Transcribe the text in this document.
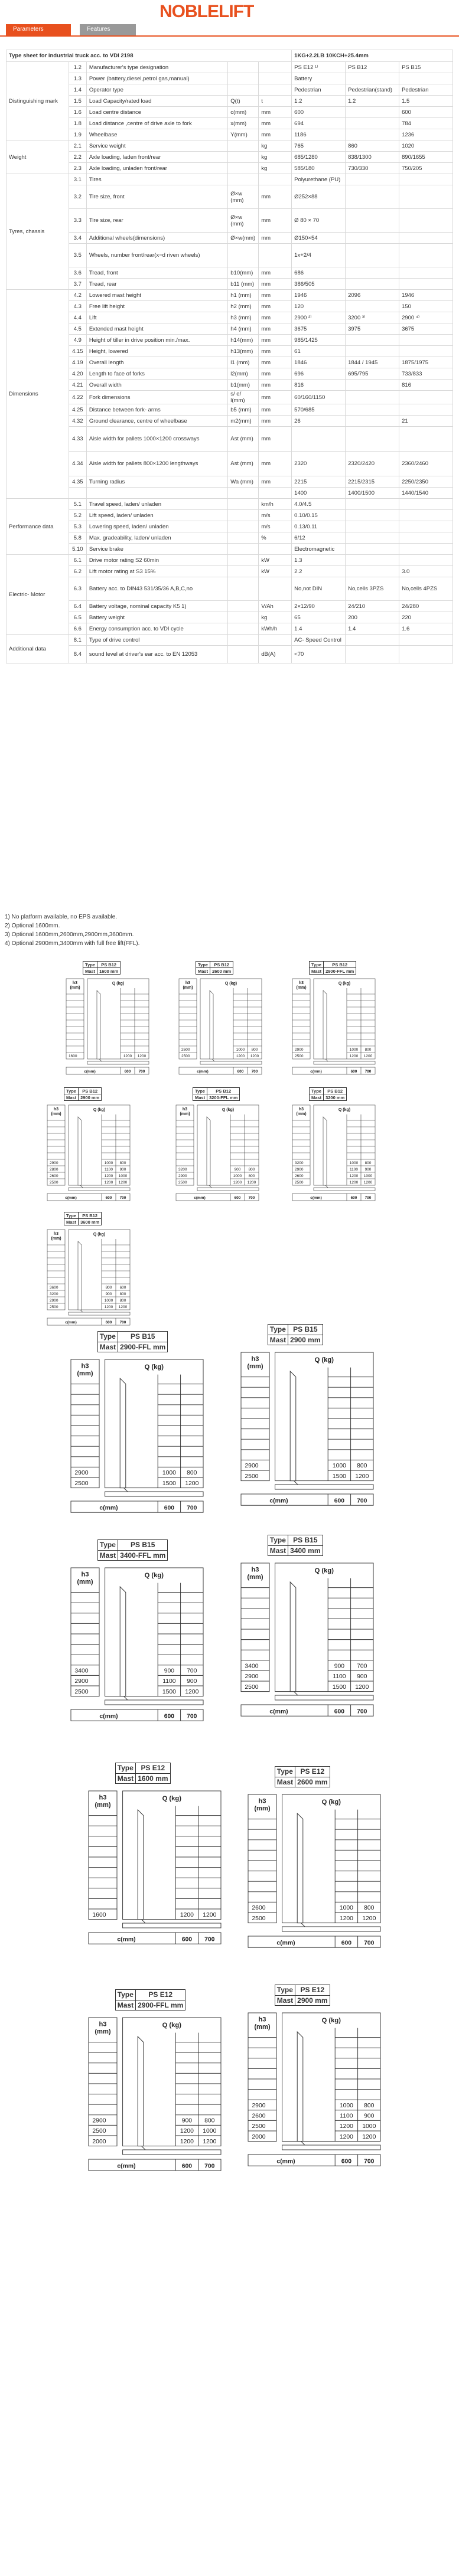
NOBLELIFT
Parameters	Features
Type sheet for industrial truck acc. to VDI 2198					1KG+2.2LB 10KCH+25.4mm		
Distinguishing mark	1.2	Manufacturer's type designation			PS E12 ¹⁾	PS B12	PS B15
	1.3	Power (battery,diesel,petrol gas,manual)			Battery		
	1.4	Operator type			Pedestrian	Pedestrian(stand)	Pedestrian
	1.5	Load Capacity/rated load	Q(t)	t	1.2	1.2	1.5
	1.6	Load centre distance	c(mm)	mm	600		600
	1.8	Load distance ,centre of drive axle to fork	x(mm)	mm	694		784
	1.9	Wheelbase	Y(mm)	mm	1186		1236
Weight	2.1	Service weight		kg	765	860	1020
	2.2	Axle loading, laden front/rear		kg	685/1280	838/1300	890/1655
	2.3	Axle loading, unladen front/rear		kg	585/180	730/330	750/205
Tyres, chassis	3.1	Tires			Polyurethane (PU)		
	3.2	Tire size, front	Ø×w (mm)	mm	Ø252×88		
	3.3	Tire size, rear	Ø×w (mm)	mm	Ø 80 × 70		
	3.4	Additional wheels(dimensions)	Ø×w(mm)	mm	Ø150×54		
	3.5	Wheels, number front/rear(x=d riven wheels)			1x+2/4		
	3.6	Tread, front	b10(mm)	mm	686		
	3.7	Tread, rear	b11 (mm)	mm	386/505		
Dimensions	4.2	Lowered mast height	h1 (mm)	mm	1946	2096	1946
	4.3	Free lift height	h2 (mm)	mm	120		150
	4.4	Lift	h3 (mm)	mm	2900 ²⁾	3200 ³⁾	2900 ⁴⁾
	4.5	Extended mast height	h4 (mm)	mm	3675	3975	3675
	4.9	Height of tiller in drive position min./max.	h14(mm)	mm	985/1425		
	4.15	Height, lowered	h13(mm)	mm	61		
	4.19	Overall length	l1 (mm)	mm	1846	1844 / 1945	1875/1975
	4.20	Length to face of forks	l2(mm)	mm	696	695/795	733/833
	4.21	Overall width	b1(mm)	mm	816		816
	4.22	Fork dimensions	s/ e/ l(mm)	mm	60/160/1150		
	4.25	Distance between fork- arms	b5 (mm)	mm	570/685		
	4.32	Ground clearance, centre of wheelbase	m2(mm)	mm	26		21
	4.33	Aisle width for pallets 1000×1200 crossways	Ast (mm)	mm			
	4.34	Aisle width for pallets 800×1200 lengthways	Ast (mm)	mm	2320	2320/2420	2360/2460
	4.35	Turning radius	Wa (mm)	mm	2215	2215/2315	2250/2350
					1400	1400/1500	1440/1540
Performance data	5.1	Travel speed, laden/ unladen		km/h	4.0/4.5		
	5.2	Lift speed, laden/ unladen		m/s	0.10/0.15		
	5.3	Lowering speed, laden/ unladen		m/s	0.13/0.11		
	5.8	Max. gradeability, laden/ unladen		%	6/12		
	5.10	Service brake			Electromagnetic		
Electric- Motor	6.1	Drive motor rating S2 60min		kW	1.3		
	6.2	Lift motor rating at S3 15%		kW	2.2		3.0
	6.3	Battery acc. to DIN43 531/35/36 A,B,C,no			No,not DIN	No,cells 3PZS	No,cells 4PZS
	6.4	Battery voltage, nominal capacity K5 1)		V/Ah	2×12/90	24/210	24/280
	6.5	Battery weight		kg	65	200	220
	6.6	Energy consumption acc. to VDI cycle		kWh/h	1.4	1.4	1.6
Additional data	8.1	Type of drive control			AC- Speed Control		
	8.4	sound level at driver's ear acc. to EN 12053		dB(A)	<70		
1) No platform available, no EPS available.
2) Optional 1600mm.
3) Optional 1600mm,2600mm,2900mm,3600mm.
4) Optional 2900mm,3400mm with full free lift(FFL).
Type	PS B12
Mast	1600 mm
h3
(mm)
Q (kg)
1600	1200 1200
c(mm)	600 700
Type	PS B12
Mast	2600 mm
h3
(mm)
Q (kg)
2600	1000 800
2500	1200 1200
c(mm)	600 700
Type	PS B12
Mast	2900-FFL mm
h3
(mm)
Q (kg)
2900	1000 800
2500	1200 1200
c(mm)	600 700
Type	PS B12
Mast	2900 mm
h3
(mm)
Q (kg)
2900	1000 800
2800	1100 900
2600	1200 1000
2500	1200 1200
c(mm)	600 700
Type	PS B12
Mast	3200-FFL mm
h3
(mm)
Q (kg)
3200	900 800
2900	1000 800
2500	1200 1200
c(mm)	600 700
Type	PS B12
Mast	3200 mm
h3
(mm)
Q (kg)
3200	1000 800
2900	1100 900
2600	1200 1000
2500	1200 1200
c(mm)	600 700
Type	PS B12
Mast	3600 mm
h3
(mm)
Q (kg)
3600	800 600
3200	900 800
2900	1000 800
2500	1200 1200
c(mm)	600 700
Type	PS B15
Mast	2900-FFL mm
h3
(mm)
Q (kg)
2900	1000	800
2500	1500 1200
c(mm)	600	700
Type	PS B15
Mast	2900 mm
h3
(mm)
Q (kg)
2900	1000	800
2500	1500 1200
c(mm)	600	700
Type	PS B15
Mast	3400-FFL mm
h3
(mm)
Q (kg)
3400	900	700
2900	1100	900
2500	1500 1200
c(mm)	600	700
Type	PS B15
Mast	3400 mm
h3
(mm)
Q (kg)
3400	900	700
2900	1100	900
2500	1500 1200
c(mm)	600	700
Type	PS E12
Mast	1600 mm
h3
(mm)
Q (kg)
1600	1200 1200
c(mm)	600	700
Type	PS E12
Mast	2600 mm
h3
(mm)
Q (kg)
2600	1000	800
2500	1200 1200
c(mm)	600	700
Type	PS E12
Mast	2900-FFL mm
h3
(mm)
Q (kg)
2900	900	800
2500	1200 1000
2000	1200 1200
c(mm)	600	700
Type	PS E12
Mast	2900 mm
h3
(mm)
Q (kg)
2900	1000	800
2600	1100	900
2500	1200 1000
2000	1200 1200
c(mm)	600	700
